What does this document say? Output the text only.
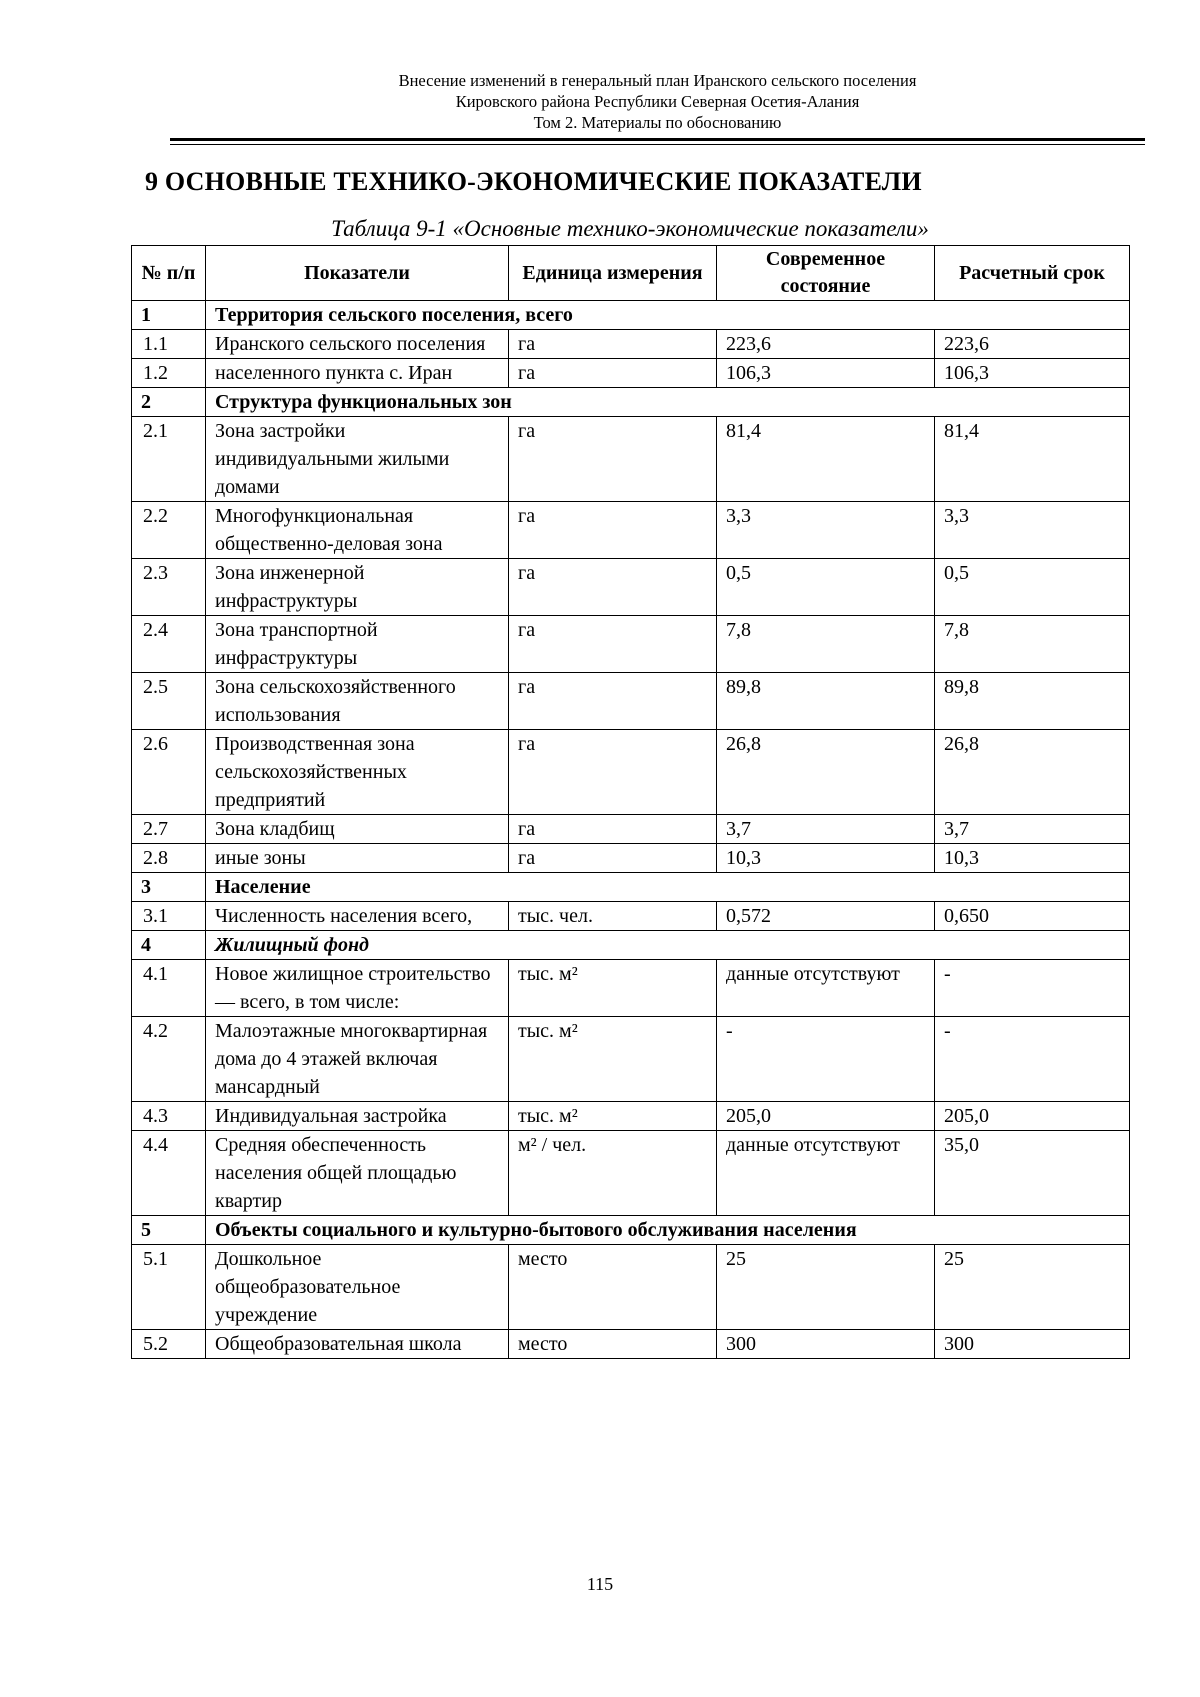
Внесение изменений в генеральный план Иранского сельского поселения
Кировского района Республики Северная Осетия-Алания
Том 2. Материалы по обоснованию
9 ОСНОВНЫЕ ТЕХНИКО-ЭКОНОМИЧЕСКИЕ ПОКАЗАТЕЛИ
Таблица 9-1 «Основные технико-экономические показатели»
№ п/п	Показатели	Единица измерения	Современное состояние	Расчетный срок
1	Территория сельского поселения, всего			
1.1	Иранского сельского поселения	га	223,6	223,6
1.2	населенного пункта с. Иран	га	106,3	106,3
2	Структура функциональных зон			
2.1	Зона застройки индивидуальными жилыми домами	га	81,4	81,4
2.2	Многофункциональная общественно-деловая зона	га	3,3	3,3
2.3	Зона инженерной инфраструктуры	га	0,5	0,5
2.4	Зона транспортной инфраструктуры	га	7,8	7,8
2.5	Зона сельскохозяйственного использования	га	89,8	89,8
2.6	Производственная зона сельскохозяйственных предприятий	га	26,8	26,8
2.7	Зона кладбищ	га	3,7	3,7
2.8	иные зоны	га	10,3	10,3
3	Население			
3.1	Численность населения всего,	тыс. чел.	0,572	0,650
4	Жилищный фонд			
4.1	Новое жилищное строительство — всего, в том числе:	тыс. м²	данные отсутствуют	-
4.2	Малоэтажные многоквартирная дома до 4 этажей включая мансардный	тыс. м²	-	-
4.3	Индивидуальная застройка	тыс. м²	205,0	205,0
4.4	Средняя обеспеченность населения общей площадью квартир	м² / чел.	данные отсутствуют	35,0
5	Объекты социального и культурно-бытового обслуживания населения			
5.1	Дошкольное общеобразовательное учреждение	место	25	25
5.2	Общеобразовательная школа	место	300	300
115
